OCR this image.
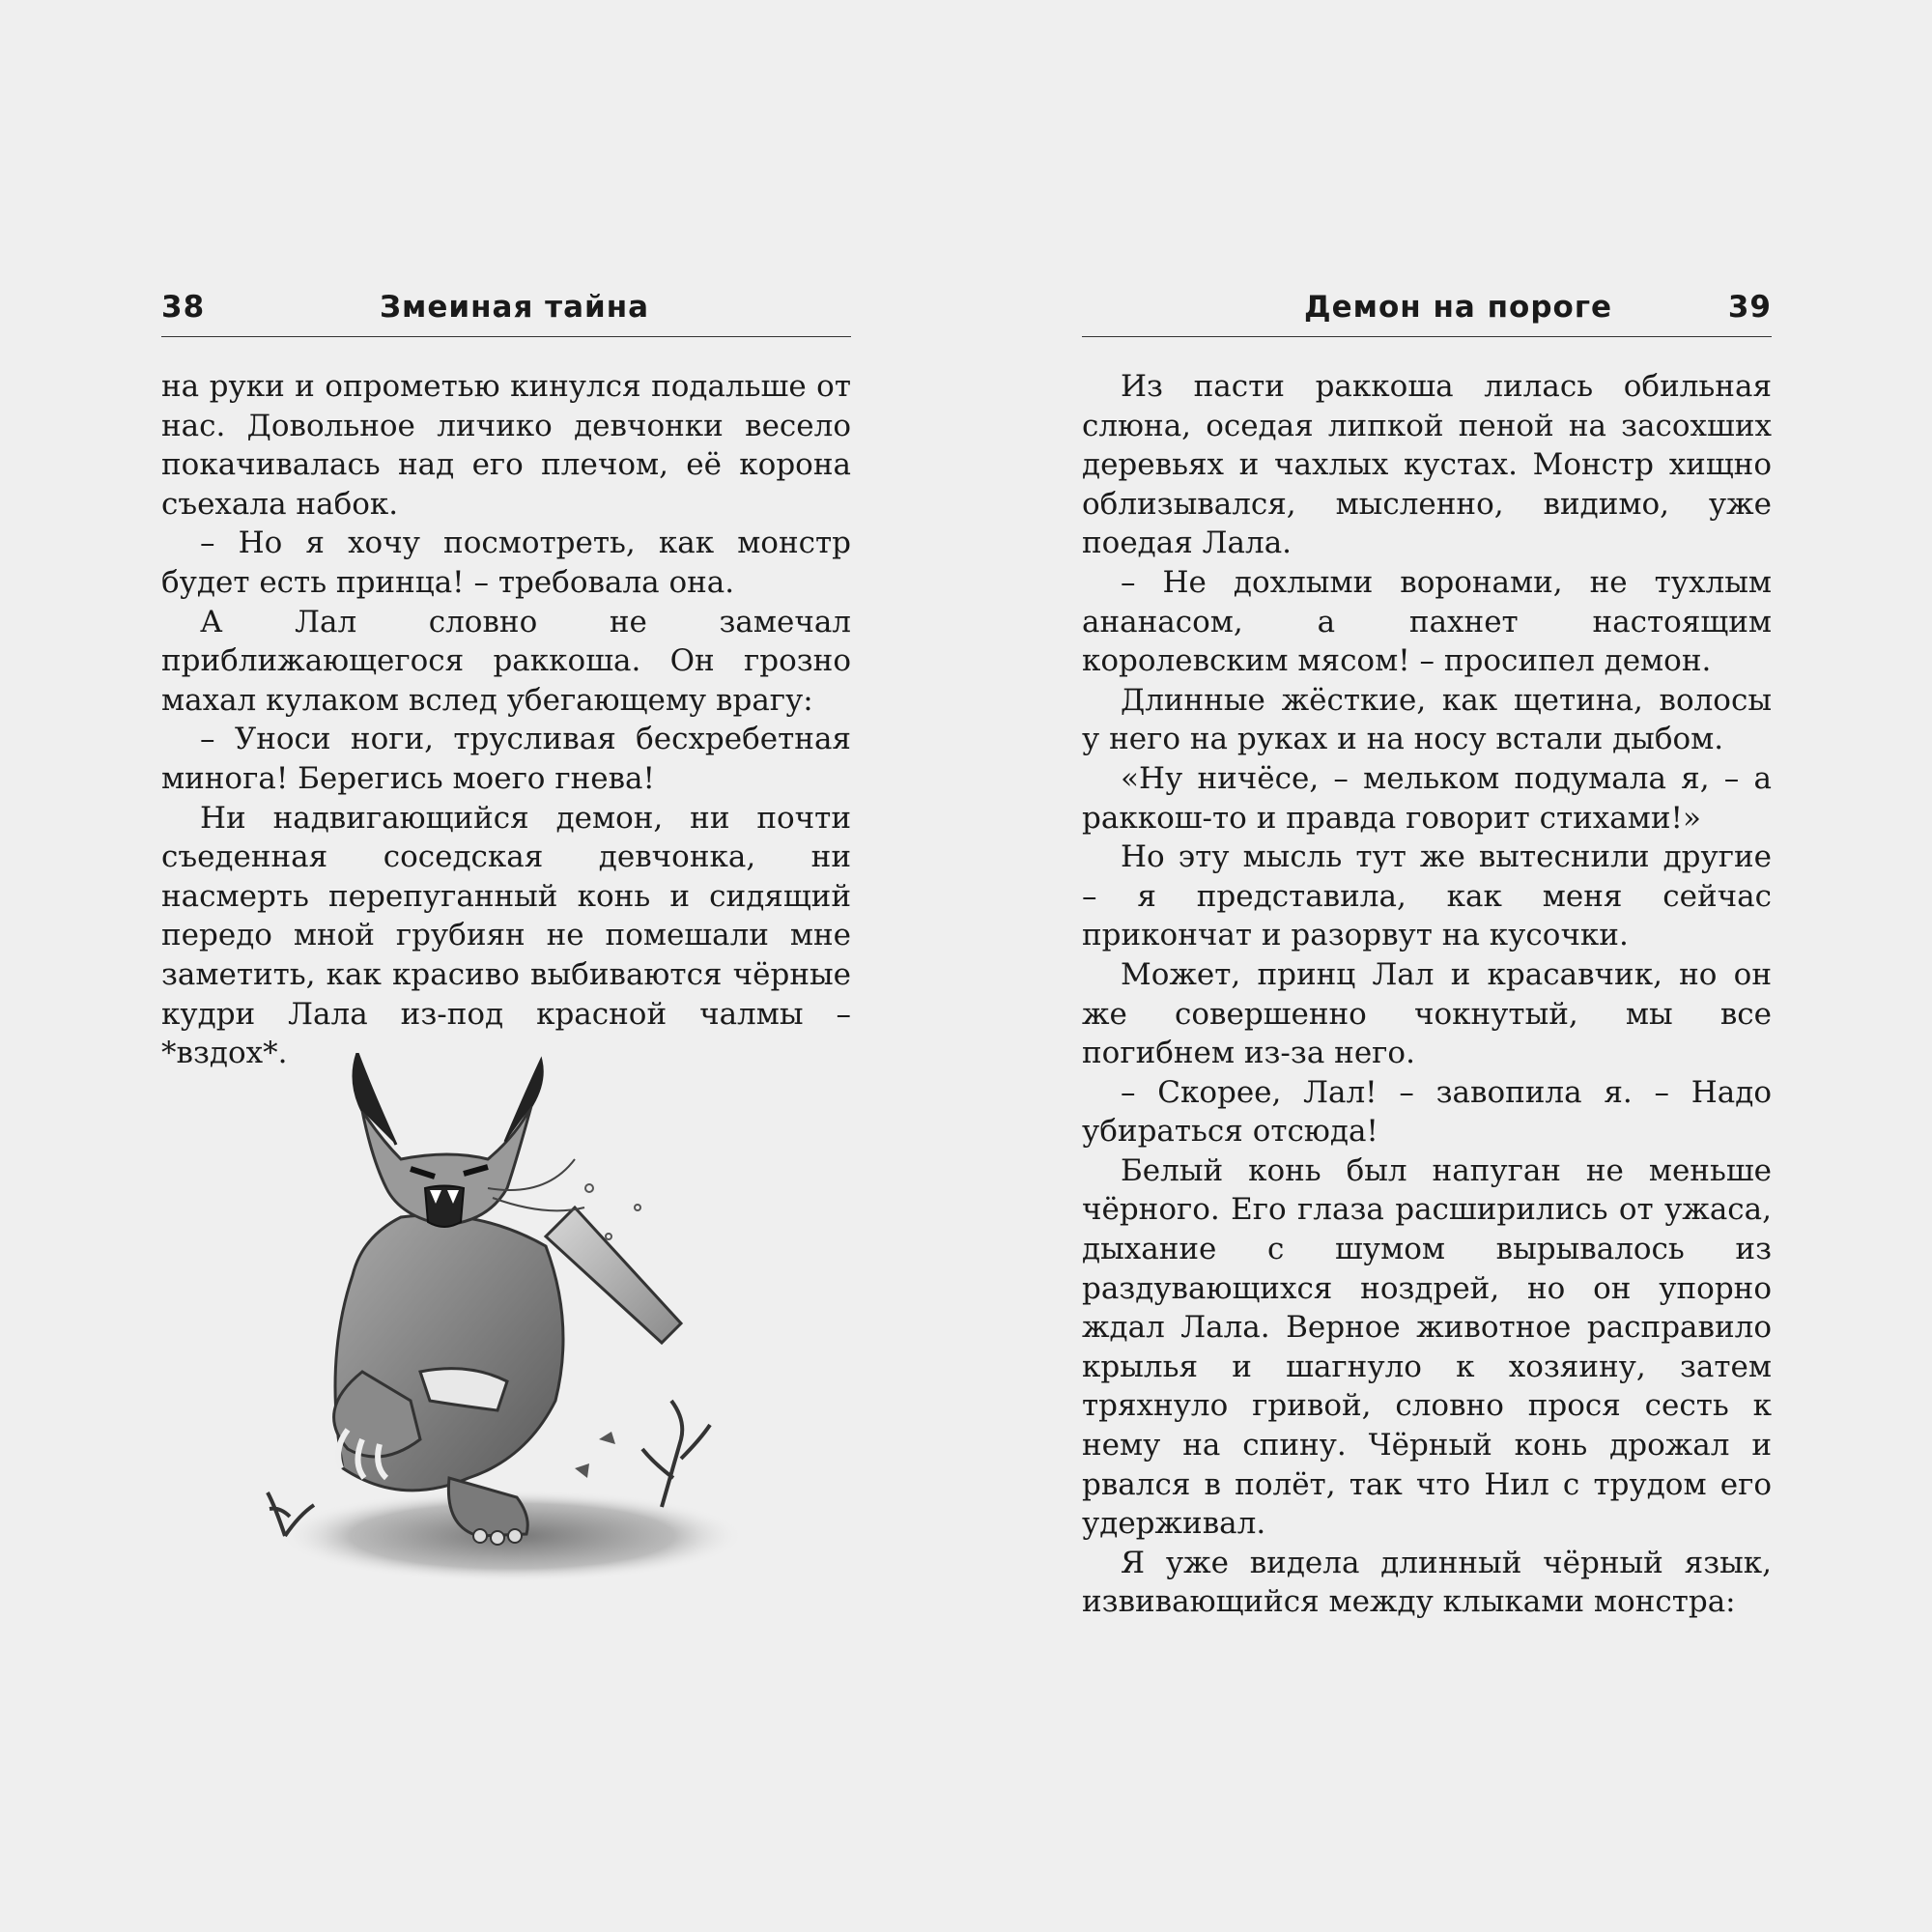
38	Змеиная тайна

на руки и опрометью кинулся подальше от нас. Довольное личико девчонки весело покачивалась над его плечом, её корона съехала набок.

– Но я хочу посмотреть, как монстр будет есть принца! – требовала она.

А Лал словно не замечал приближающегося раккоша. Он грозно махал кулаком вслед убегающему врагу:

– Уноси ноги, трусливая бесхребетная минога! Берегись моего гнева!

Ни надвигающийся демон, ни почти съеденная соседская девчонка, ни насмерть перепуганный конь и сидящий передо мной грубиян не помешали мне заметить, как красиво выбиваются чёрные кудри Лала из-под красной чалмы – *вздох*.

Демон на пороге	39

Из пасти раккоша лилась обильная слюна, оседая липкой пеной на засохших деревьях и чахлых кустах. Монстр хищно облизывался, мысленно, видимо, уже поедая Лала.

– Не дохлыми воронами, не тухлым ананасом, а пахнет настоящим королевским мясом! – просипел демон.

Длинные жёсткие, как щетина, волосы у него на руках и на носу встали дыбом.

«Ну ничёсе, – мельком подумала я, – а раккош-то и правда говорит стихами!»

Но эту мысль тут же вытеснили другие – я представила, как меня сейчас прикончат и разорвут на кусочки.

Может, принц Лал и красавчик, но он же совершенно чокнутый, мы все погибнем из-за него.

– Скорее, Лал! – завопила я. – Надо убираться отсюда!

Белый конь был напуган не меньше чёрного. Его глаза расширились от ужаса, дыхание с шумом вырывалось из раздувающихся ноздрей, но он упорно ждал Лала. Верное животное расправило крылья и шагнуло к хозяину, затем тряхнуло гривой, словно прося сесть к нему на спину. Чёрный конь дрожал и рвался в полёт, так что Нил с трудом его удерживал.

Я уже видела длинный чёрный язык, извивающийся между клыками монстра:
